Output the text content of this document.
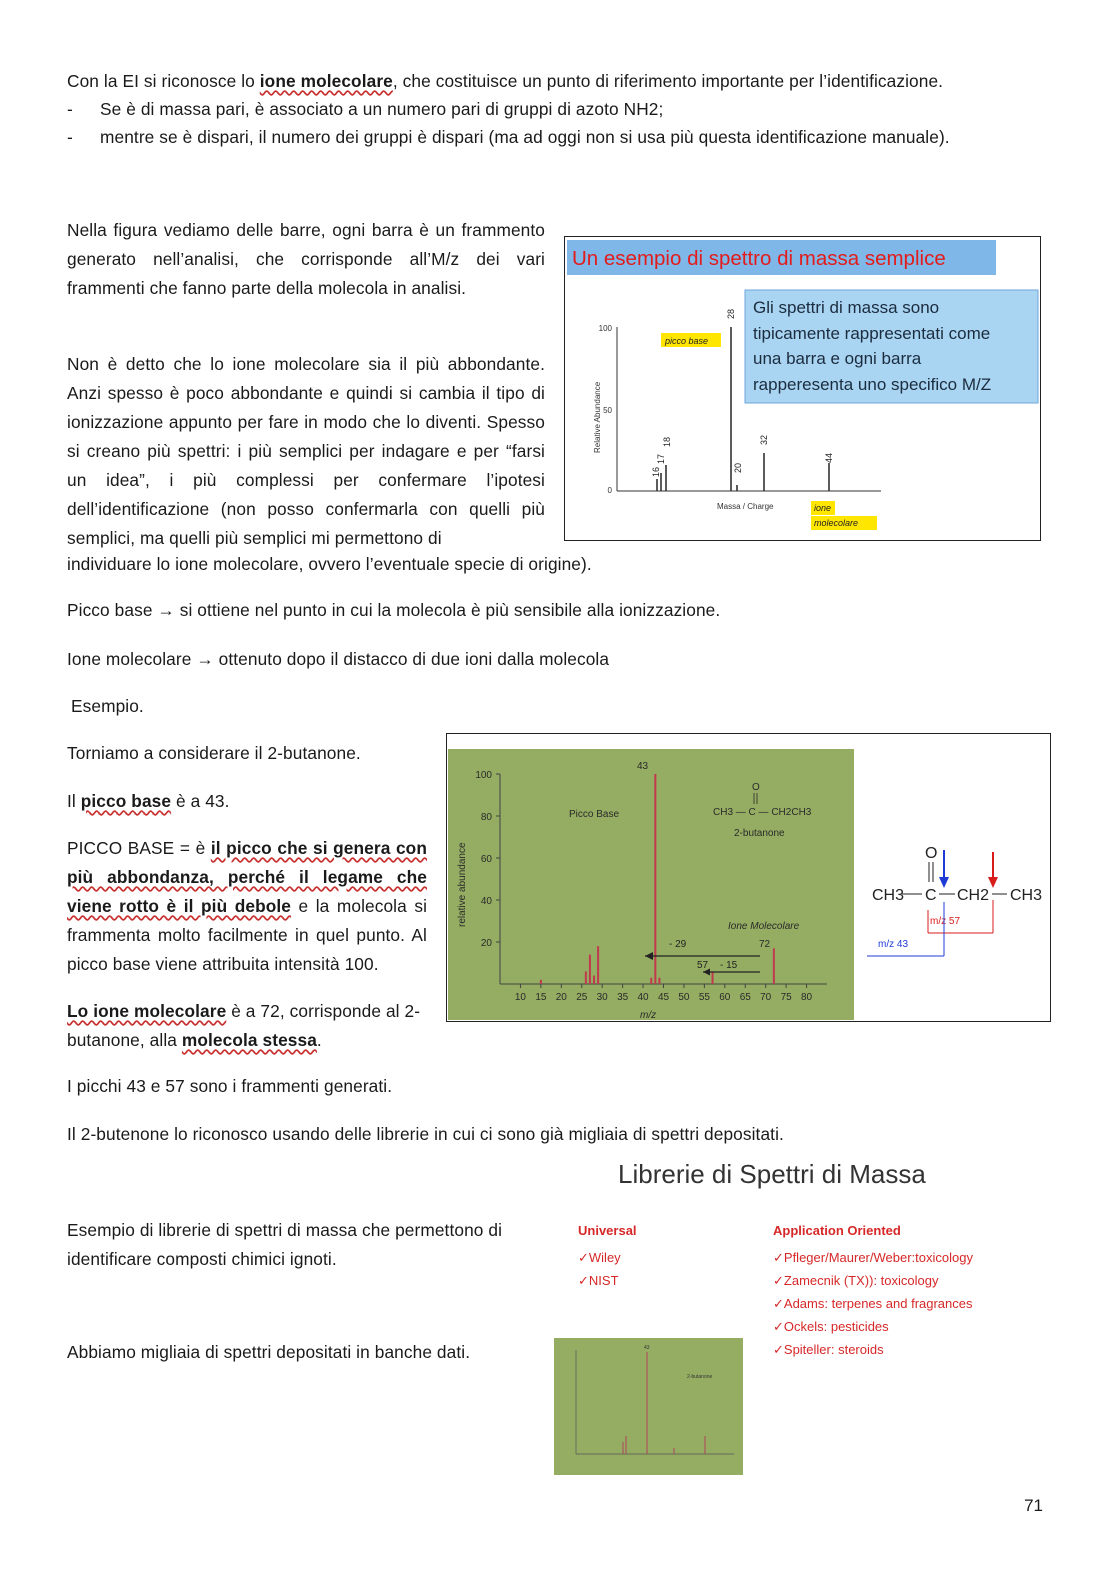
Con la EI si riconosce lo ione molecolare, che costituisce un punto di riferimento importante per l’identificazione.

- Se è di massa pari, è associato a un numero pari di gruppi di azoto NH2;

- mentre se è dispari, il numero dei gruppi è dispari (ma ad oggi non si usa più questa identificazione manuale).

Nella figura vediamo delle barre, ogni barra è un frammento generato nell’analisi, che corrisponde all’M/z dei vari frammenti che fanno parte della molecola in analisi.

Non è detto che lo ione molecolare sia il più abbondante. Anzi spesso è poco abbondante e quindi si cambia il tipo di ionizzazione appunto per fare in modo che lo diventi. Spesso si creano più spettri: i più semplici per indagare e per “farsi un idea”, i più complessi per confermare l’ipotesi dell’identificazione (non posso confermarla con quelli più semplici, ma quelli più semplici mi permettono di

individuare lo ione molecolare, ovvero l’eventuale specie di origine).

Un esempio di spettro di massa semplice
Gli spettri di massa sono tipicamente rappresentati come una barra e ogni barra rapperesenta uno specifico M/Z
100
50
0
Relative Abundance
Massa / Charge
16
17
18
28
20
32
44
picco base
ione
molecolare

Picco base → si ottiene nel punto in cui la molecola è più sensibile alla ionizzazione.

Ione molecolare → ottenuto dopo il distacco di due ioni dalla molecola

Esempio.

Torniamo a considerare il 2-butanone.

Il picco base è a 43.

PICCO BASE = è il picco che si genera con più abbondanza, perché il legame che viene rotto è il più debole e la molecola si frammenta molto facilmente in quel punto. Al picco base viene attribuita intensità 100.

Lo ione molecolare è a 72, corrisponde al 2-butanone, alla molecola stessa.

I picchi 43 e 57 sono i frammenti generati.

10 15 20 25 30 35 40 45 50 55 60 65 70 75 80
100
80
60
40
20
relative abundance
m/z
43
72
Picco Base
Ione Molecolare
- 29
57 - 15
O
CH3 — C — CH2CH3
2-butanone
CH3 C
O
CH2 CH3
m/z 57
m/z 43

Il 2-butenone lo riconosco usando delle librerie in cui ci sono già migliaia di spettri depositati.

Librerie di Spettri di Massa
Universal
✓Wiley
✓NIST
Application Oriented
✓Pfleger/Maurer/Weber:toxicology
✓Zamecnik (TX)): toxicology
✓Adams: terpenes and fragrances
✓Ockels: pesticides
✓Spiteller: steroids

Esempio di librerie di spettri di massa che permettono di identificare composti chimici ignoti.

Abbiamo migliaia di spettri depositati in banche dati.	43
2-butanone
71
